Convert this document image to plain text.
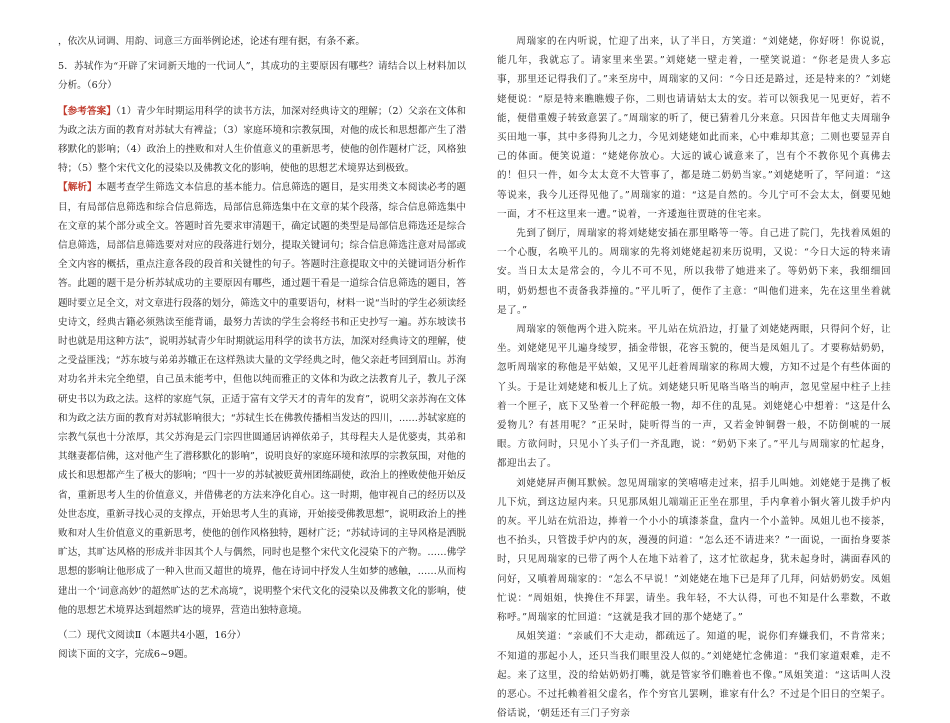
，依次从词调、用韵、词意三方面举例论述，论述有理有据，有条不紊。

5．苏轼作为“开辟了宋词新天地的一代词人”，其成功的主要原因有哪些？请结合以上材料加以分析。（6分）

【参考答案】（1）青少年时期运用科学的读书方法，加深对经典诗文的理解；（2）父亲在文体和为政之法方面的教育对苏轼大有裨益；（3）家庭环境和宗教氛围，对他的成长和思想都产生了潜移默化的影响；（4）政治上的挫败和对人生价值意义的重新思考，使他的创作题材广泛，风格独特；（5）整个宋代文化的浸染以及佛教文化的影响，使他的思想艺术境界达到极致。

【解析】本题考查学生筛选文本信息的基本能力。信息筛选的题目，是实用类文本阅读必考的题目，有局部信息筛选和综合信息筛选，局部信息筛选集中在文章的某个段落，综合信息筛选集中在文章的某个部分或全文。答题时首先要求审清题干，确定试题的类型是局部信息筛选还是综合信息筛选，局部信息筛选要对对应的段落进行划分，提取关键词句；综合信息筛选注意对局部或全文内容的概括，重点注意各段的段首和关键性的句子。答题时注意提取文中的关键词语分析作答。此题的题干是分析苏轼成功的主要原因有哪些，通过题干看是一道综合信息筛选的题目，答题时要立足全文，对文章进行段落的划分，筛选文中的重要语句，材料一说“当时的学生必须读经史诗文，经典古籍必须熟读至能背诵，最努力苦读的学生会将经书和正史抄写一遍。苏东坡读书时也就是用这种方法”，说明苏轼青少年时期就运用科学的读书方法，加深对经典诗文的理解，使之受益匪浅；“苏东坡与弟弟苏辙正在这样熟读大量的文学经典之时，他父亲赶考回到眉山。苏洵对功名并未完全绝望，自己虽未能考中，但他以纯而雅正的文体和为政之法教育儿子，教儿子深研史书以为政之法。这样的家庭气氛，正适于富有文学天才的青年的发育”，说明父亲苏洵在文体和为政之法方面的教育对苏轼影响很大；“苏轼生长在佛教传播相当发达的四川，……苏轼家庭的宗教气氛也十分浓厚，其父苏洵是云门宗四世圆通居讷禅依弟子，其母程夫人是优婆夷，其弟和其继妻都信佛，这对他产生了潜移默化的影响”，说明良好的家庭环境和浓厚的宗教氛围，对他的成长和思想都产生了极大的影响；“四十一岁的苏轼被贬黄州团练副使，政治上的挫败使他开始反省，重新思考人生的价值意义，并借佛老的方法来净化自心。这一时期，他审视自己的经历以及处世态度，重新寻找心灵的支撑点，开始思考人生的真谛，开始接受佛教思想”，说明政治上的挫败和对人生价值意义的重新思考，使他的创作风格独特，题材广泛；“苏轼诗词的主导风格是洒脱旷达，其旷达风格的形成并非因其个人与偶然，同时也是整个宋代文化浸染下的产物。……佛学思想的影响让他形成了一种入世而又超世的境界，他在诗词中抒发人生如梦的感触，……从而构建出一个‘词意高妙’的超然旷达的艺术高境”，说明整个宋代文化的浸染以及佛教文化的影响，使他的思想艺术境界达到超然旷达的境界，营造出独特意境。

（二）现代文阅读Ⅱ（本题共4小题，16分）

阅读下面的文字，完成6~9题。

周瑞家的在内听说，忙迎了出来，认了半日，方笑道：“刘姥姥，你好呀！你说说，能几年，我就忘了。请家里来坐罢。”刘姥姥一壁走着，一壁笑说道：“你老是贵人多忘事，那里还记得我们了。”来至房中，周瑞家的又问：“今日还是路过，还是特来的？”刘姥姥便说：“原是特来瞧瞧嫂子你，二则也请请姑太太的安。若可以领我见一见更好，若不能，便借重嫂子转致意罢了。”周瑞家的听了，便已猜着几分来意。只因昔年他丈夫周瑞争买田地一事，其中多得狗儿之力，今见刘姥姥如此而来，心中难却其意；二则也要显弄自己的体面。便笑说道：“姥姥你放心。大远的诚心诚意来了，岂有个不教你见个真佛去的！但只一件，如今太太竟不大管事了，都是琏二奶奶当家。”刘姥姥听了，罕问道：“这等说来，我今儿还得见他了。”周瑞家的道：“这是自然的。今儿宁可不会太太，倒要见她一面，才不枉这里来一遭。”说着，一齐逶迤往贾琏的住宅来。

先到了倒厅，周瑞家的将刘姥姥安插在那里略等一等。自己进了院门，先找着凤姐的一个心腹，名唤平儿的。周瑞家的先将刘姥姥起初来历说明，又说：“今日大远的特来请安。当日太太是常会的，今儿不可不见，所以我带了她进来了。等奶奶下来，我细细回明，奶奶想也不责备我莽撞的。”平儿听了，便作了主意：“叫他们进来，先在这里坐着就是了。”

周瑞家的领他两个进入院来。平儿站在炕沿边，打量了刘姥姥两眼，只得问个好，让坐。刘姥姥见平儿遍身绫罗，插金带银，花容玉貌的，便当是凤姐儿了。才要称姑奶奶，忽听周瑞家的称他是平姑娘，又见平儿赶着周瑞家的称周大嫂，方知不过是个有些体面的丫头。于是让刘姥姥和板儿上了炕。刘姥姥只听见咯当咯当的响声，忽见堂屋中柱子上挂着一个匣子，底下又坠着一个秤砣般一物，却不住的乱晃。刘姥姥心中想着：“这是什么爱物儿？有甚用呢？”正呆时，陡听得当的一声，又若金钟铜磬一般，不防倒唬的一展眼。方欲问时，只见小丫头子们一齐乱跑，说：“奶奶下来了。”平儿与周瑞家的忙起身，都迎出去了。

刘姥姥屏声侧耳默候。忽见周瑞家的笑嘻嘻走过来，招手儿叫她。刘姥姥于是携了板儿下炕，到这边屋内来。只见那凤姐儿端端正正坐在那里，手内拿着小铜火箸儿拨手炉内的灰。平儿站在炕沿边，捧着一个小小的填漆茶盘，盘内一个小盖钟。凤姐儿也不接茶，也不抬头，只管拨手炉内的灰，漫漫的问道：“怎么还不请进来？”一面说，一面抬身要茶时，只见周瑞家的已带了两个人在地下站着了，这才忙欲起身，犹未起身时，满面春风的问好，又嗔着周瑞家的：“怎么不早说！”刘姥姥在地下已是拜了几拜，问姑奶奶安。凤姐忙说：“周姐姐，快搀住不拜罢，请坐。我年轻，不大认得，可也不知是什么辈数，不敢称呼。”周瑞家的忙回道：“这就是我才回的那个姥姥了。”

凤姐笑道：“亲戚们不大走动，都疏远了。知道的呢，说你们弃嫌我们，不肯常来；不知道的那起小人，还只当我们眼里没人似的。”刘姥姥忙念佛道：“我们家道艰难，走不起。来了这里，没的给姑奶奶打嘴，就是管家爷们瞧着也不像。”凤姐笑道：“这话叫人没的恶心。不过托赖着祖父虚名，作个穷官儿罢咧，谁家有什么？不过是个旧日的空架子。俗话说，‘朝廷还有三门子穷亲
